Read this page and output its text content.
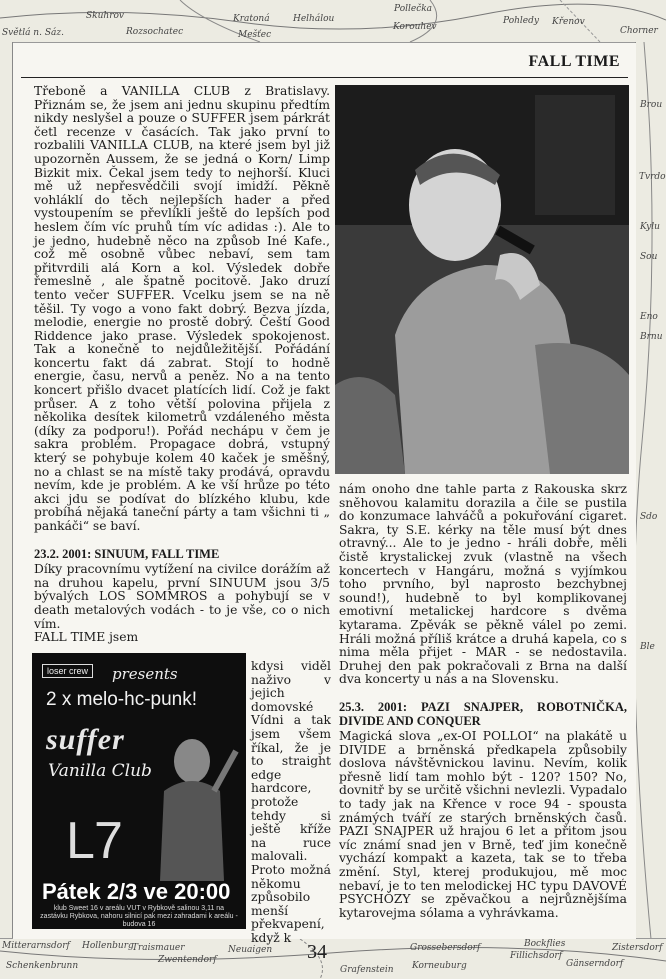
Skuhrov
Rozsochatec
Světlá n. Sáz.
Kratoná
Mešťec
Helhálou
Pollečka
Korouhev
Pohledy Křenov
Chorner
Brou
Tvrdo
Kylu
Sou
Eno
Brnu
Sdo
Ble
Mitterarnsdorf Hollenburg
Traismauer
Zwentendorf
Neuaigen
Grafenstein
Grossebersdorf
Korneuburg
Fillichsdorf
Bockflies
Gänserndorf
Schenkenbrunn
Zistersdorf
FALL TIME

Třeboně a VANILLA CLUB z Bratislavy. Přiznám se, že jsem ani jednu skupinu předtím nikdy neslyšel a pouze o SUFFER jsem párkrát četl recenze v časácích. Tak jako první to rozbalili VANILLA CLUB, na které jsem byl již upozorněn Aussem, že se jedná o Korn/ Limp Bizkit mix. Čekal jsem tedy to nejhorší. Kluci mě už nepřesvědčili svojí imidží. Pěkně vohláklí do těch nejlepších hader a před vystoupením se převlíkli ještě do lepších pod heslem čím víc pruhů tím víc adidas :). Ale to je jedno, hudebně něco na způsob Iné Kafe., což mě osobně vůbec nebaví, sem tam přitvrdili alá Korn a kol. Výsledek dobře řemeslně , ale špatně pocitově. Jako druzí tento večer SUFFER. Vcelku jsem se na ně těšil. Ty vogo a vono fakt dobrý. Bezva jízda, melodie, energie no prostě dobrý. Čeští Good Riddence jako prase. Výsledek spokojenost. Tak a konečně to nejdůležitější. Pořádání koncertu fakt dá zabrat. Stojí to hodně energie, času, nervů a peněz. No a na tento koncert přišlo dvacet platících lidí. Což je fakt průser. A z toho větší polovina přijela z několika desítek kilometrů vzdáleného města (díky za podporu!). Pořád nechápu v čem je sakra problém. Propagace dobrá, vstupný který se pohybuje kolem 40 kaček je směšný, no a chlast se na místě taky prodává, opravdu nevím, kde je problém. A ke vší hrůze po této akci jdu se podívat do blízkého klubu, kde probíhá nějaká taneční párty a tam všichni ti „ pankáči“ se baví.

23.2. 2001: SINUUM, FALL TIME

Díky pracovnímu vytížení na civilce dorážím až na druhou kapelu, první SINUUM jsou 3/5 bývalých LOS SOMMROS a pohybují se v death metalových vodách - to je vše, co o nich vím.

FALL TIME jsem

loser crew	presents
2 x melo-hc-punk!
suffer
Vanilla Club
L 7
Pátek 2/3 ve 20:00
klub Sweet 16 v areálu VUT v Rybkově salinou 3,11 na zastávku Rybkova, nahoru silnicí pak mezi zahradami k areálu - budova 16

kdysi viděl naživo v jejich domovské Vídni a tak jsem všem říkal, že je to straight edge hardcore, protože tehdy si ještě kříže na ruce malovali. Proto možná někomu způsobilo menší překvapení, když k

nám onoho dne tahle parta z Rakouska skrz sněhovou kalamitu dorazila a čile se pustila do konzumace lahváčů a pokuřování cigaret. Sakra, ty S.E. kérky na těle musí být dnes otravný... Ale to je jedno - hráli dobře, měli čistě krystalickej zvuk (vlastně na všech koncertech v Hangáru, možná s vyjímkou toho prvního, byl naprosto bezchybnej sound!), hudebně to byl komplikovanej emotivní metalickej hardcore s dvěma kytarama. Zpěvák se pěkně válel po zemi. Hráli možná příliš krátce a druhá kapela, co s nima měla přijet - MAR - se nedostavila. Druhej den pak pokračovali z Brna na další dva koncerty u nás a na Slovensku.

25.3. 2001: PAZI SNAJPER, ROBOTNIČKA, DIVIDE AND CONQUER

Magická slova „ex-OI POLLOI“ na plakátě u DIVIDE a brněnská předkapela způsobily doslova návštěvnickou lavinu. Nevím, kolik přesně lidí tam mohlo být - 120? 150? No, dovnitř by se určitě všichni nevlezli. Vypadalo to tady jak na Křence v roce 94 - spousta známých tváří ze starých brněnských časů. PAZI SNAJPER už hrajou 6 let a přitom jsou víc známí snad jen v Brně, teď jim konečně vychází kompakt a kazeta, tak se to třeba změní. Styl, kterej produkujou, mě moc nebaví, je to ten melodickej HC typu DAVOVÉ PSYCHÓZY se zpěvačkou a nejrůznějšíma kytarovejma sólama a vyhrávkama.

34
